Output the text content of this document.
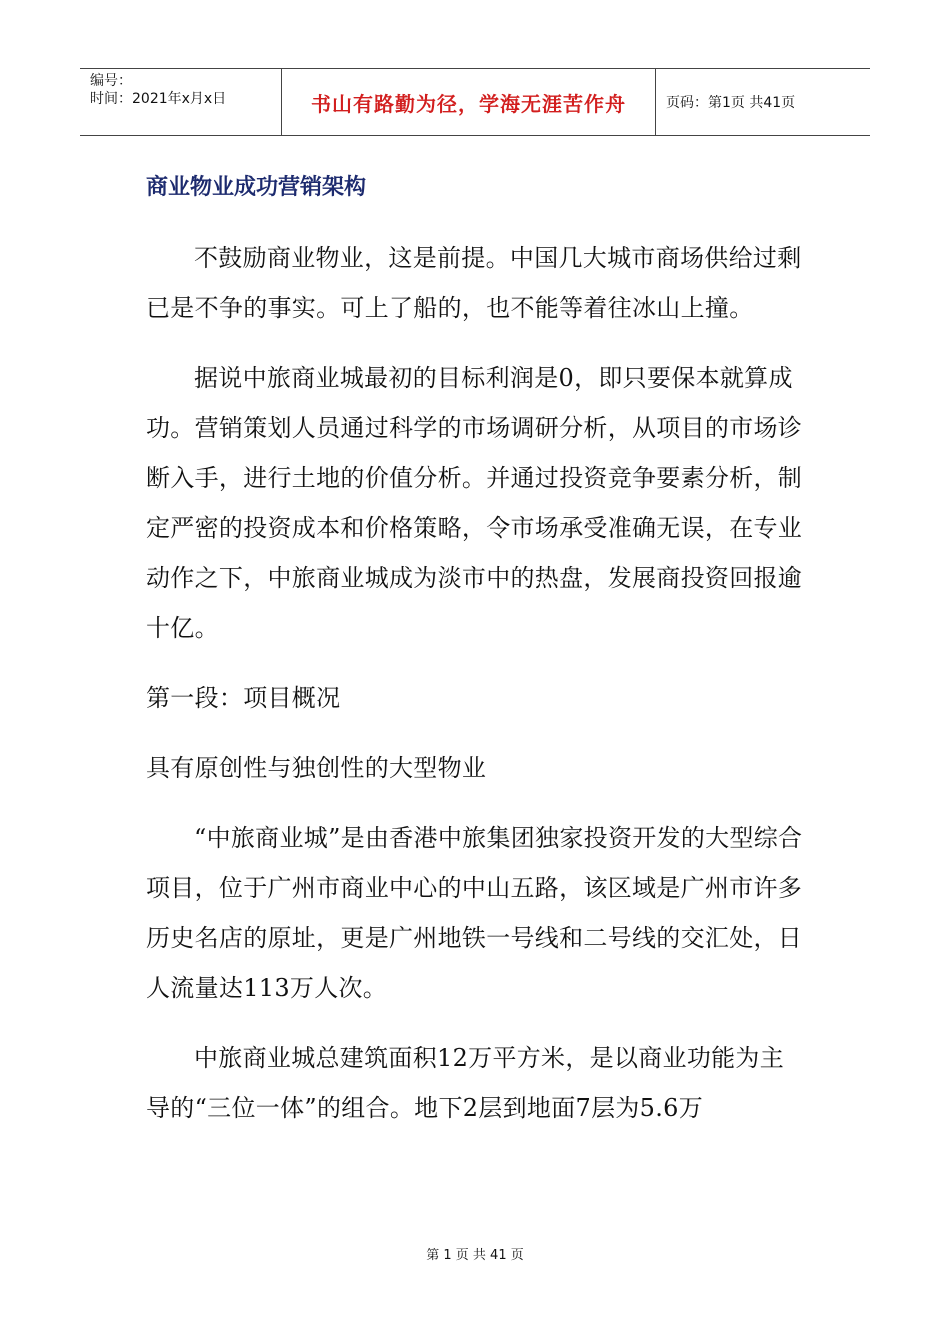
编号：
时间：2021年x月x日	书山有路勤为径，学海无涯苦作舟	页码：第1页 共41页
商业物业成功营销架构

不鼓励商业物业，这是前提。中国几大城市商场供给过剩已是不争的事实。可上了船的，也不能等着往冰山上撞。

据说中旅商业城最初的目标利润是0，即只要保本就算成功。营销策划人员通过科学的市场调研分析，从项目的市场诊断入手，进行土地的价值分析。并通过投资竞争要素分析，制定严密的投资成本和价格策略，令市场承受准确无误，在专业动作之下，中旅商业城成为淡市中的热盘，发展商投资回报逾十亿。

第一段：项目概况

具有原创性与独创性的大型物业

“中旅商业城”是由香港中旅集团独家投资开发的大型综合项目，位于广州市商业中心的中山五路，该区域是广州市许多历史名店的原址，更是广州地铁一号线和二号线的交汇处，日人流量达113万人次。

中旅商业城总建筑面积12万平方米，是以商业功能为主导的“三位一体”的组合。地下2层到地面7层为5.6万

第 1 页 共 41 页
